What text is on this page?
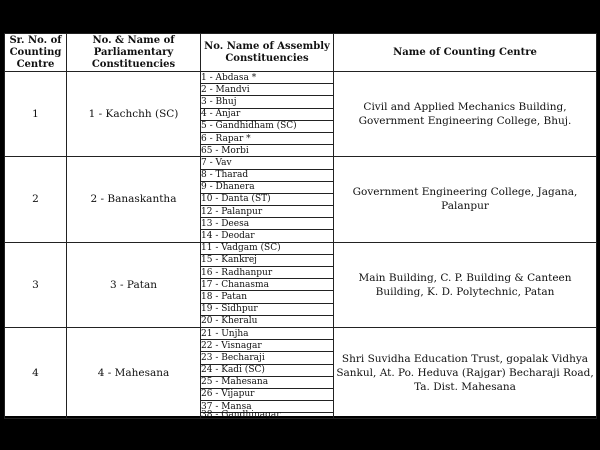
Sr. No. of Counting Centre	No. & Name of Parliamentary Constituencies	No. Name of Assembly Constituencies	Name of Counting Centre
1	1 - Kachchh (SC)	1 - Abdasa *	Civil and Applied Mechanics Building, Government Engineering College, Bhuj.
		2 - Mandvi	
		3 - Bhuj	
		4 - Anjar	
		5 - Gandhidham (SC)	
		6 - Rapar *	
		65 - Morbi	
2	2 - Banaskantha	7 - Vav	Government Engineering College, Jagana, Palanpur
		8 - Tharad	
		9 - Dhanera	
		10 - Danta (ST)	
		12 - Palanpur	
		13 - Deesa	
		14 - Deodar	
3	3 - Patan	11 - Vadgam (SC)	Main Building, C. P. Building & Canteen Building, K. D. Polytechnic, Patan
		15 - Kankrej	
		16 - Radhanpur	
		17 - Chanasma	
		18 - Patan	
		19 - Sidhpur	
		20 - Kheralu	
4	4 - Mahesana	21 - Unjha	Shri Suvidha Education Trust, gopalak Vidhya Sankul, At. Po. Heduva (Rajgar) Becharaji Road, Ta. Dist. Mahesana
		22 - Visnagar	
		23 - Becharaji	
		24 - Kadi (SC)	
		25 - Mahesana	
		26 - Vijapur	
		37 - Mansa	
		38 - Gandhinagar	
